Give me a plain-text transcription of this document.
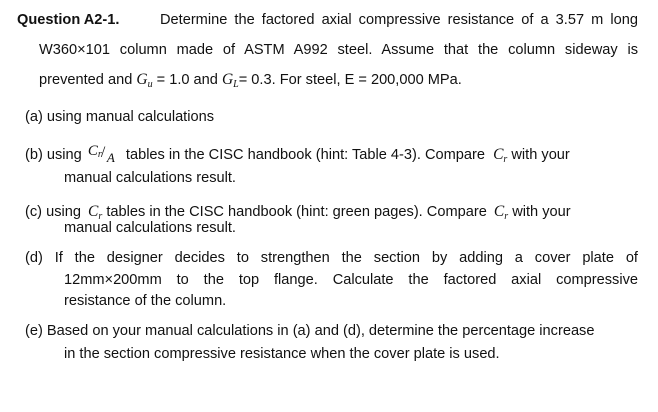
Question A2-1.	Determine the factored axial compressive resistance of a 3.57 m long
W360×101 column made of ASTM A992 steel. Assume that the column sideway is
prevented and $G_u = 1.0$ and $G_L= 0.3$. For steel, E = 200,000 MPa.
(a) using manual calculations
(b) using Cr / A tables in the CISC handbook (hint: Table 4-3). Compare $C_r$ with your
manual calculations result.
(c) using $C_r$ tables in the CISC handbook (hint: green pages). Compare $C_r$ with your
manual calculations result.
(d) If the designer decides to strengthen the section by adding a cover plate of
12mm×200mm to the top flange. Calculate the factored axial compressive
resistance of the column.
(e) Based on your manual calculations in (a) and (d), determine the percentage increase
in the section compressive resistance when the cover plate is used.
